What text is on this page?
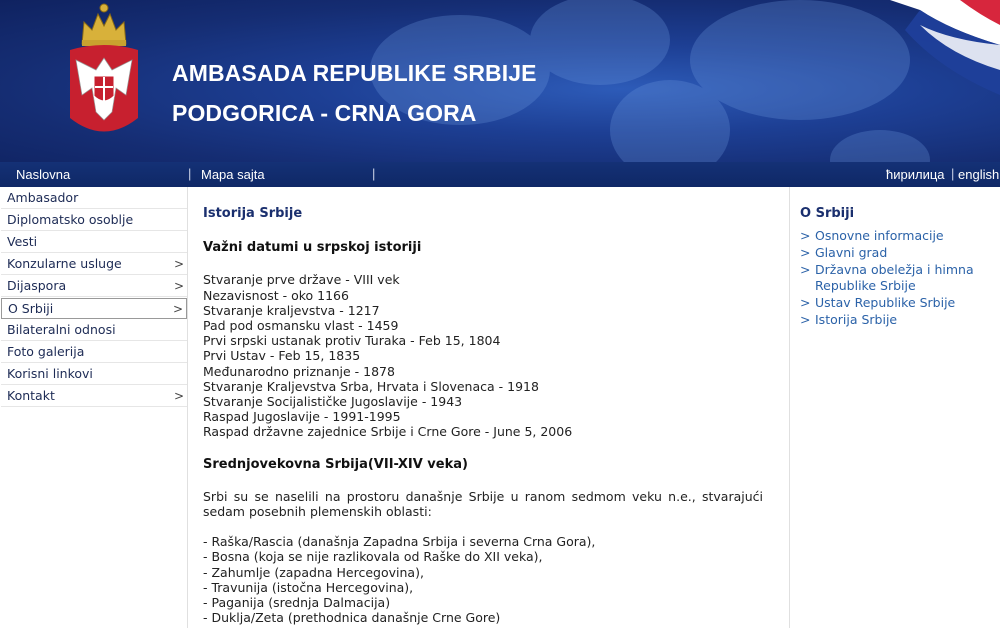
AMBASADA REPUBLIKE SRBIJE
PODGORICA - CRNA GORA
Naslovna	| Mapa sajta	|	ћирилица | english
Ambasador
Diplomatsko osoblje
Vesti
Konzularne usluge	>
Dijaspora	>
O Srbiji	>
Bilateralni odnosi
Foto galerija
Korisni linkovi
Kontakt	>
Istorija Srbije
Važni datumi u srpskoj istoriji
Stvaranje prve države - VIII vek
Nezavisnost - oko 1166
Stvaranje kraljevstva - 1217
Pad pod osmansku vlast - 1459
Prvi srpski ustanak protiv Turaka - Feb 15, 1804
Prvi Ustav - Feb 15, 1835
Međunarodno priznanje - 1878
Stvaranje Kraljevstva Srba, Hrvata i Slovenaca - 1918
Stvaranje Socijalističke Jugoslavije - 1943
Raspad Jugoslavije - 1991-1995
Raspad državne zajednice Srbije i Crne Gore - June 5, 2006
Srednjovekovna Srbija(VII-XIV veka)
Srbi su se naselili na prostoru današnje Srbije u ranom sedmom veku n.e., stvarajući sedam posebnih plemenskih oblasti:
- Raška/Rascia (današnja Zapadna Srbija i severna Crna Gora),
- Bosna (koja se nije razlikovala od Raške do XII veka),
- Zahumlje (zapadna Hercegovina),
- Travunija (istočna Hercegovina),
- Paganija (srednja Dalmacija)
- Duklja/Zeta (prethodnica današnje Crne Gore)
O Srbiji
> Osnovne informacije
> Glavni grad
> Državna obeležja i himna Republike Srbije
> Ustav Republike Srbije
> Istorija Srbije
